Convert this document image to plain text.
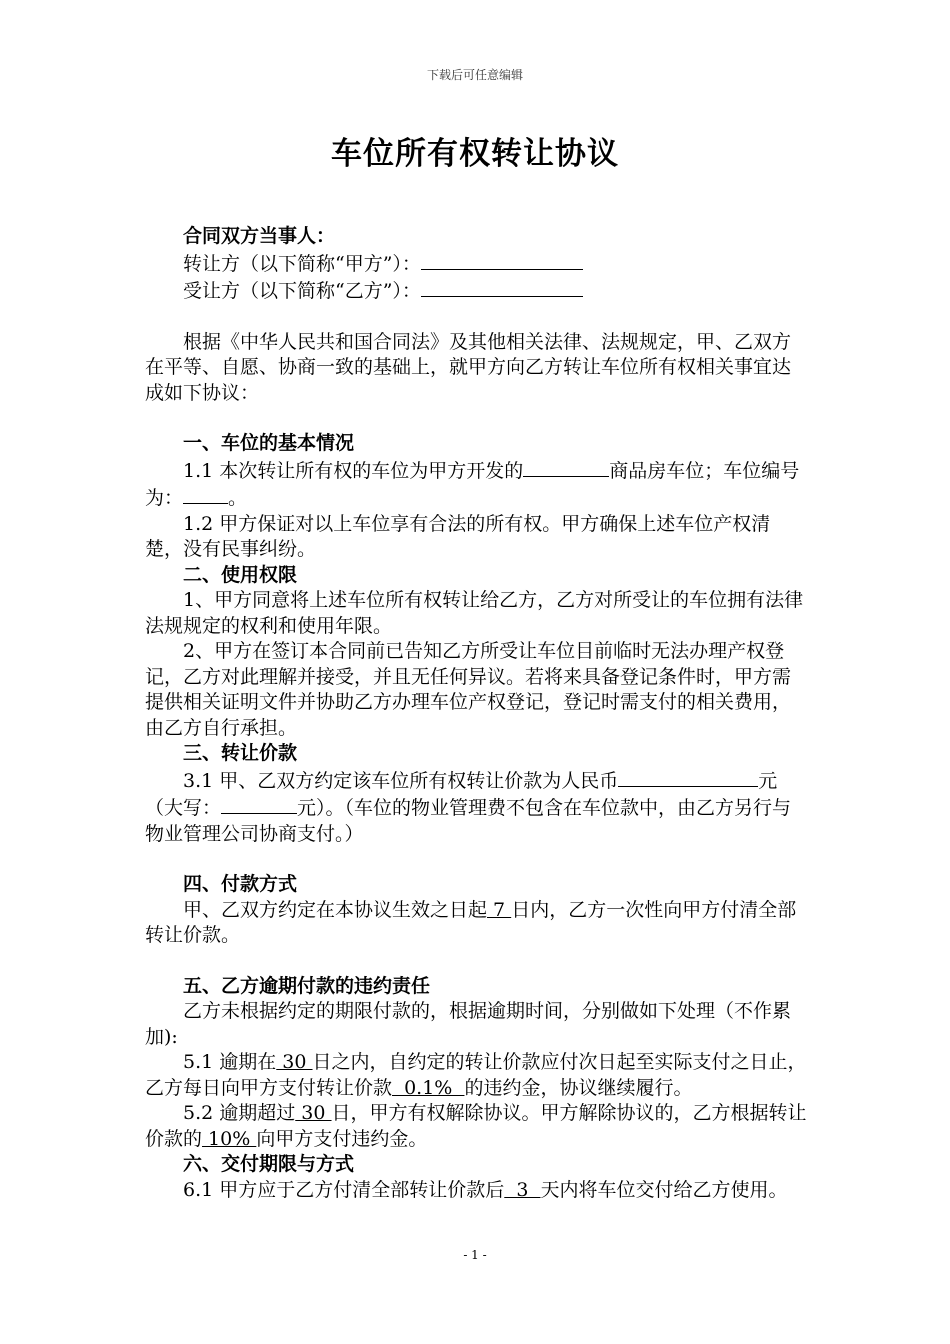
下载后可任意编辑
车位所有权转让协议

合同双方当事人：

转让方（以下简称“甲方”）：

受让方（以下简称“乙方”）：

根据《中华人民共和国合同法》及其他相关法律、法规规定，甲、乙双方在平等、自愿、协商一致的基础上，就甲方向乙方转让车位所有权相关事宜达成如下协议：

一、车位的基本情况

1.1 本次转让所有权的车位为甲方开发的	商品房车位；车位编号为： 。

1.2 甲方保证对以上车位享有合法的所有权。甲方确保上述车位产权清楚，没有民事纠纷。

二、使用权限

1、甲方同意将上述车位所有权转让给乙方，乙方对所受让的车位拥有法律法规规定的权利和使用年限。

2、甲方在签订本合同前已告知乙方所受让车位目前临时无法办理产权登记，乙方对此理解并接受，并且无任何异议。若将来具备登记条件时，甲方需提供相关证明文件并协助乙方办理车位产权登记，登记时需支付的相关费用，由乙方自行承担。

三、转让价款

3.1 甲、乙双方约定该车位所有权转让价款为人民币	元（大写：	元）。（车位的物业管理费不包含在车位款中，由乙方另行与物业管理公司协商支付。）

四、付款方式

甲、乙双方约定在本协议生效之日起 7 日内，乙方一次性向甲方付清全部转让价款。

五、乙方逾期付款的违约责任

乙方未根据约定的期限付款的，根据逾期时间，分别做如下处理（不作累加):

5.1 逾期在 30 日之内，自约定的转让价款应付次日起至实际支付之日止，乙方每日向甲方支付转让价款  0.1%  的违约金，协议继续履行。

5.2 逾期超过 30 日，甲方有权解除协议。甲方解除协议的，乙方根据转让价款的 10% 向甲方支付违约金。

六、交付期限与方式

6.1 甲方应于乙方付清全部转让价款后  3  天内将车位交付给乙方使用。

- 1 -
